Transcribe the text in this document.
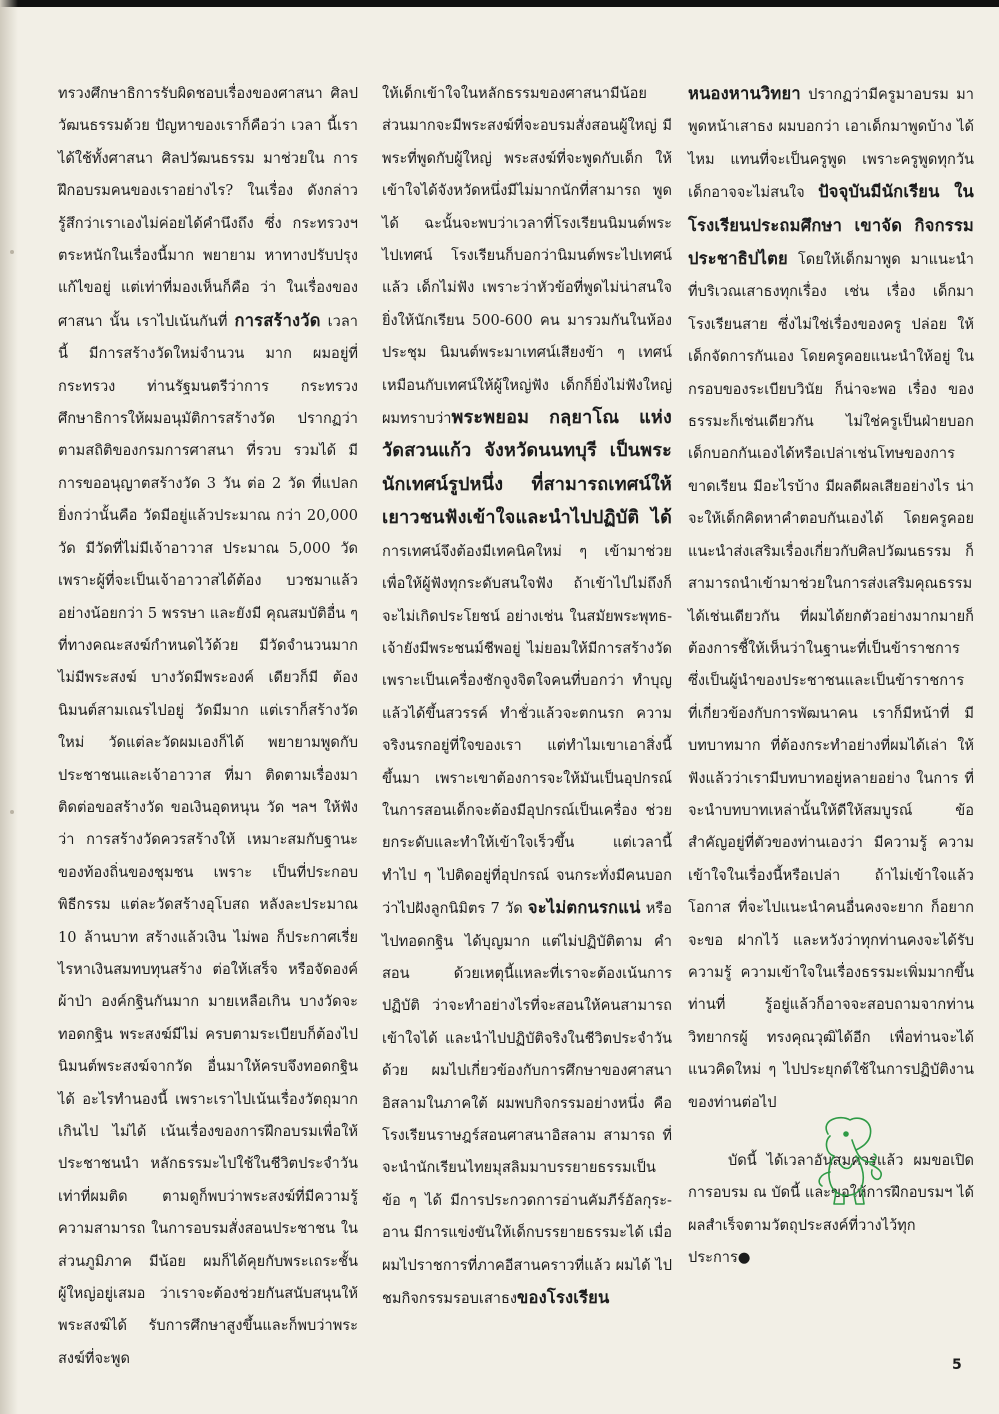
ทรวงศึกษาธิการรับผิดชอบเรื่องของศาสนา ศิลปวัฒนธรรมด้วย ปัญหาของเราก็คือว่า เวลา นี้เราได้ใช้ทั้งศาสนา ศิลปวัฒนธรรม มาช่วยใน การฝึกอบรมคนของเราอย่างไร? ในเรื่อง ดังกล่าวรู้สึกว่าเราเองไม่ค่อยได้คำนึงถึง ซึ่ง กระทรวงฯ ตระหนักในเรื่องนี้มาก พยายาม หาทางปรับปรุงแก้ไขอยู่ แต่เท่าที่มองเห็นก็คือ ว่า ในเรื่องของศาสนา นั้น เราไปเน้นกันที่ การสร้างวัด เวลานี้ มีการสร้างวัดใหม่จำนวน มาก ผมอยู่ที่กระทรวง ท่านรัฐมนตรีว่าการ กระทรวงศึกษาธิการให้ผมอนุมัติการสร้างวัด ปรากฏว่าตามสถิติของกรมการศาสนา ที่รวบ รวมได้ มีการขออนุญาตสร้างวัด 3 วัน ต่อ 2 วัด ที่แปลกยิ่งกว่านั้นคือ วัดมีอยู่แล้วประมาณ กว่า 20,000 วัด มีวัดที่ไม่มีเจ้าอาวาส ประมาณ 5,000 วัด เพราะผู้ที่จะเป็นเจ้าอาวาสได้ต้อง บวชมาแล้วอย่างน้อยกว่า 5 พรรษา และยังมี คุณสมบัติอื่น ๆ ที่ทางคณะสงฆ์กำหนดไว้ด้วย มีวัดจำนวนมากไม่มีพระสงฆ์ บางวัดมีพระองค์ เดียวก็มี ต้องนิมนต์สามเณรไปอยู่ วัดมีมาก แต่เราก็สร้างวัดใหม่ วัดแต่ละวัดผมเองก็ได้ พยายามพูดกับประชาชนและเจ้าอาวาส ที่มา ติดตามเรื่องมาติดต่อขอสร้างวัด ขอเงินอุดหนุน วัด ฯลฯ ให้ฟังว่า การสร้างวัดควรสร้างให้ เหมาะสมกับฐานะของท้องถิ่นของชุมชน เพราะ เป็นที่ประกอบพิธีกรรม แต่ละวัดสร้างอุโบสถ หลังละประมาณ 10 ล้านบาท สร้างแล้วเงิน ไม่พอ ก็ประกาศเรี่ยไรหาเงินสมทบทุนสร้าง ต่อให้เสร็จ หรือจัดองค์ผ้าป่า องค์กฐินกันมาก มายเหลือเกิน บางวัดจะทอดกฐิน พระสงฆ์มีไม่ ครบตามระเบียบก็ต้องไปนิมนต์พระสงฆ์จากวัด อื่นมาให้ครบจึงทอดกฐินได้ อะไรทำนองนี้ เพราะเราไปเน้นเรื่องวัตถุมากเกินไป ไม่ได้ เน้นเรื่องของการฝึกอบรมเพื่อให้ประชาชนนำ หลักธรรมะไปใช้ในชีวิตประจำวัน เท่าที่ผมติด ตามดูก็พบว่าพระสงฆ์ที่มีความรู้ความสามารถ ในการอบรมสั่งสอนประชาชน ในส่วนภูมิภาค มีน้อย ผมก็ได้คุยกับพระเถระชั้นผู้ใหญ่อยู่เสมอ ว่าเราจะต้องช่วยกันสนับสนุนให้พระสงฆ์ได้ รับการศึกษาสูงขึ้นและก็พบว่าพระสงฆ์ที่จะพูด

ให้เด็กเข้าใจในหลักธรรมของศาสนามีน้อย ส่วนมากจะมีพระสงฆ์ที่จะอบรมสั่งสอนผู้ใหญ่ มีพระที่พูดกับผู้ใหญ่ พระสงฆ์ที่จะพูดกับเด็ก ให้เข้าใจได้จังหวัดหนึ่งมีไม่มากนักที่สามารถ พูดได้ ฉะนั้นจะพบว่าเวลาที่โรงเรียนนิมนต์พระ ไปเทศน์ โรงเรียนก็บอกว่านิมนต์พระไปเทศน์ แล้ว เด็กไม่ฟัง เพราะว่าหัวข้อที่พูดไม่น่าสนใจ ยิ่งให้นักเรียน 500-600 คน มารวมกันในห้อง ประชุม นิมนต์พระมาเทศน์เสียงข้า ๆ เทศน์ เหมือนกับเทศน์ให้ผู้ใหญ่ฟัง เด็กก็ยิ่งไม่ฟังใหญ่ ผมทราบว่าพระพยอม กลฺยาโณ แห่ง วัดสวนแก้ว จังหวัดนนทบุรี เป็นพระ นักเทศน์รูปหนึ่ง ที่สามารถเทศน์ให้ เยาวชนฟังเข้าใจและนำไปปฏิบัติ ได้ การเทศน์จึงต้องมีเทคนิคใหม่ ๆ เข้ามาช่วย เพื่อให้ผู้ฟังทุกระดับสนใจฟัง ถ้าเข้าไปไม่ถึงก็ จะไม่เกิดประโยชน์ อย่างเช่น ในสมัยพระพุทธ- เจ้ายังมีพระชนม์ชีพอยู่ ไม่ยอมให้มีการสร้างวัด เพราะเป็นเครื่องชักจูงจิตใจคนที่บอกว่า ทำบุญ แล้วได้ขึ้นสวรรค์ ทำชั่วแล้วจะตกนรก ความ จริงนรกอยู่ที่ใจของเรา แต่ทำไมเขาเอาสิ่งนี้ ขึ้นมา เพราะเขาต้องการจะให้มันเป็นอุปกรณ์ ในการสอนเด็กจะต้องมีอุปกรณ์เป็นเครื่อง ช่วยยกระดับและทำให้เข้าใจเร็วขึ้น แต่เวลานี้ ทำไป ๆ ไปติดอยู่ที่อุปกรณ์ จนกระทั่งมีคนบอก ว่าไปฝังลูกนิมิตร 7 วัด จะไม่ตกนรกแน่ หรือไปทอดกฐิน ได้บุญมาก แต่ไม่ปฏิบัติตาม คำสอน ด้วยเหตุนี้แหละที่เราจะต้องเน้นการ ปฏิบัติ ว่าจะทำอย่างไรที่จะสอนให้คนสามารถ เข้าใจได้ และนำไปปฏิบัติจริงในชีวิตประจำวัน ด้วย ผมไปเกี่ยวข้องกับการศึกษาของศาสนา อิสลามในภาคใต้ ผมพบกิจกรรมอย่างหนึ่ง คือ โรงเรียนราษฎร์สอนศาสนาอิสลาม สามารถ ที่จะนำนักเรียนไทยมุสลิมมาบรรยายธรรมเป็น ข้อ ๆ ได้ มีการประกวดการอ่านคัมภีร์อัลกุระ- อาน มีการแข่งขันให้เด็กบรรยายธรรมะได้ เมื่อผมไปราชการที่ภาคอีสานคราวที่แล้ว ผมได้ ไปชมกิจกรรมรอบเสาธงของโรงเรียน

หนองหานวิทยา ปรากฏว่ามีครูมาอบรม มาพูดหน้าเสาธง ผมบอกว่า เอาเด็กมาพูดบ้าง ได้ไหม แทนที่จะเป็นครูพูด เพราะครูพูดทุกวัน เด็กอาจจะไม่สนใจ ปัจจุบันมีนักเรียน ในโรงเรียนประถมศึกษา เขาจัด กิจกรรมประชาธิปไตย โดยให้เด็กมาพูด มาแนะนำ ที่บริเวณเสาธงทุกเรื่อง เช่น เรื่อง เด็กมาโรงเรียนสาย ซึ่งไม่ใช่เรื่องของครู ปล่อย ให้เด็กจัดการกันเอง โดยครูคอยแนะนำให้อยู่ ในกรอบของระเบียบวินัย ก็น่าจะพอ เรื่อง ของธรรมะก็เช่นเดียวกัน ไม่ใช่ครูเป็นฝ่ายบอก เด็กบอกกันเองได้หรือเปล่าเช่นโทษของการ ขาดเรียน มีอะไรบ้าง มีผลดีผลเสียอย่างไร น่าจะให้เด็กคิดหาคำตอบกันเองได้ โดยครูคอย แนะนำส่งเสริมเรื่องเกี่ยวกับศิลปวัฒนธรรม ก็สามารถนำเข้ามาช่วยในการส่งเสริมคุณธรรม ได้เช่นเดียวกัน ที่ผมได้ยกตัวอย่างมากมายก็ ต้องการชี้ให้เห็นว่าในฐานะที่เป็นข้าราชการ ซึ่งเป็นผู้นำของประชาชนและเป็นข้าราชการ ที่เกี่ยวข้องกับการพัฒนาคน เราก็มีหน้าที่ มีบทบาทมาก ที่ต้องกระทำอย่างที่ผมได้เล่า ให้ฟังแล้วว่าเรามีบทบาทอยู่หลายอย่าง ในการ ที่จะนำบทบาทเหล่านั้นให้ดีให้สมบูรณ์ ข้อ สำคัญอยู่ที่ตัวของท่านเองว่า มีความรู้ ความ เข้าใจในเรื่องนี้หรือเปล่า ถ้าไม่เข้าใจแล้วโอกาส ที่จะไปแนะนำคนอื่นคงจะยาก ก็อยากจะขอ ฝากไว้ และหวังว่าทุกท่านคงจะได้รับความรู้ ความเข้าใจในเรื่องธรรมะเพิ่มมากขึ้น ท่านที่ รู้อยู่แล้วก็อาจจะสอบถามจากท่านวิทยากรผู้ ทรงคุณวุฒิได้อีก เพื่อท่านจะได้แนวคิดใหม่ ๆ ไปประยุกต์ใช้ในการปฏิบัติงานของท่านต่อไป

บัดนี้ ได้เวลาอันสมควรแล้ว ผมขอเปิด การอบรม ณ บัดนี้ และขอให้การฝึกอบรมฯ ได้ผลสำเร็จตามวัตถุประสงค์ที่วางไว้ทุกประการ●

5
